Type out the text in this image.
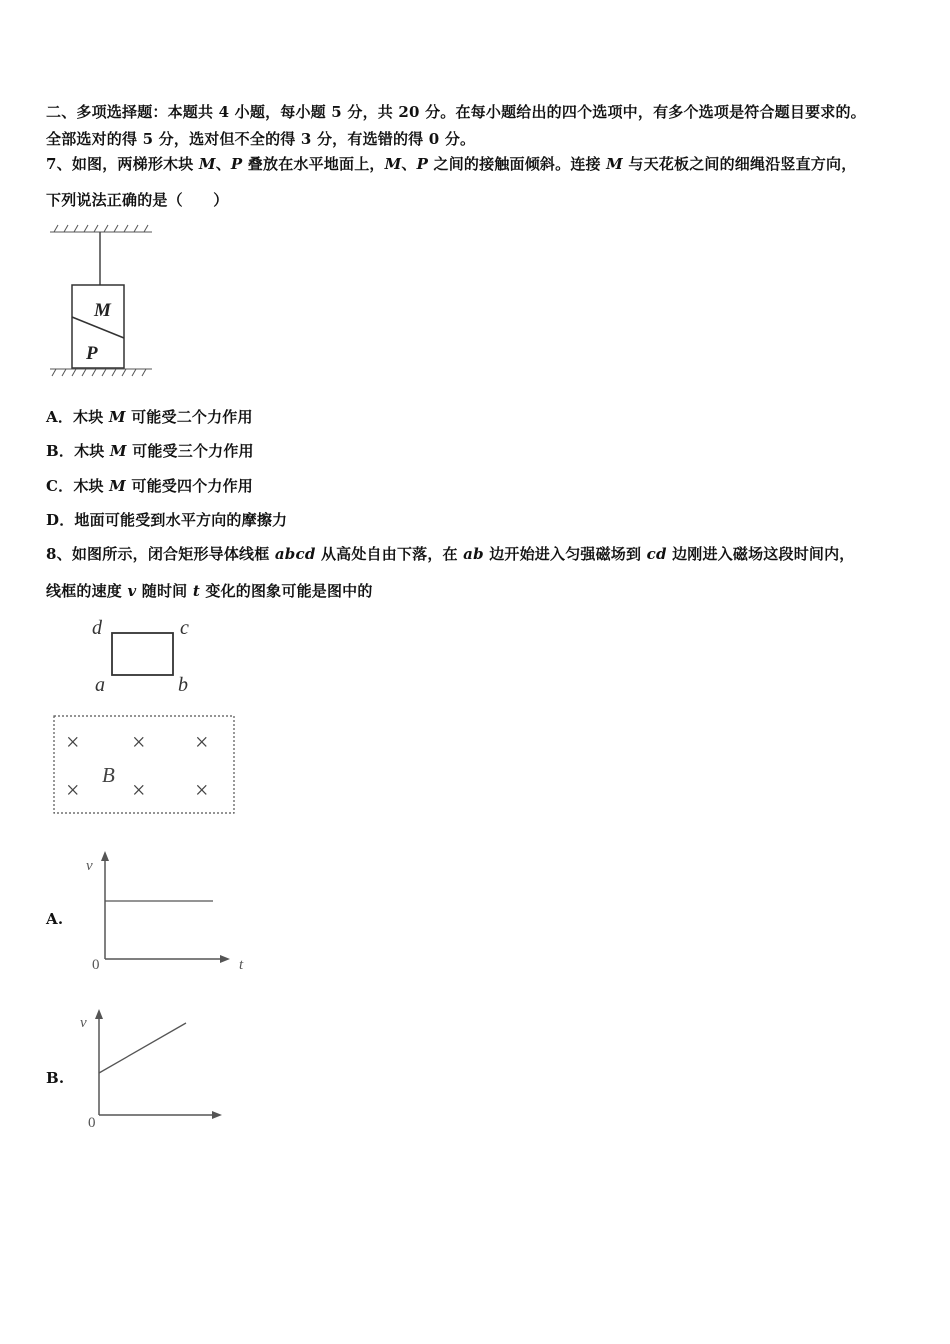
二、多项选择题：本题共 4 小题，每小题 5 分，共 20 分。在每小题给出的四个选项中，有多个选项是符合题目要求的。
全部选对的得 5 分，选对但不全的得 3 分，有选错的得 0 分。
7、如图，两梯形木块 M、P 叠放在水平地面上，M、P 之间的接触面倾斜。连接 M 与天花板之间的细绳沿竖直方向，
下列说法正确的是（　　）
M
P
A．木块 M 可能受二个力作用
B．木块 M 可能受三个力作用
C．木块 M 可能受四个力作用
D．地面可能受到水平方向的摩擦力
8、如图所示，闭合矩形导体线框 abcd 从高处自由下落，在 ab 边开始进入匀强磁场到 cd 边刚进入磁场这段时间内，
线框的速度 v 随时间 t 变化的图象可能是图中的
d	c
a	b
× × ×
× × ×
B
A.
v
t
0
B.
v
0
